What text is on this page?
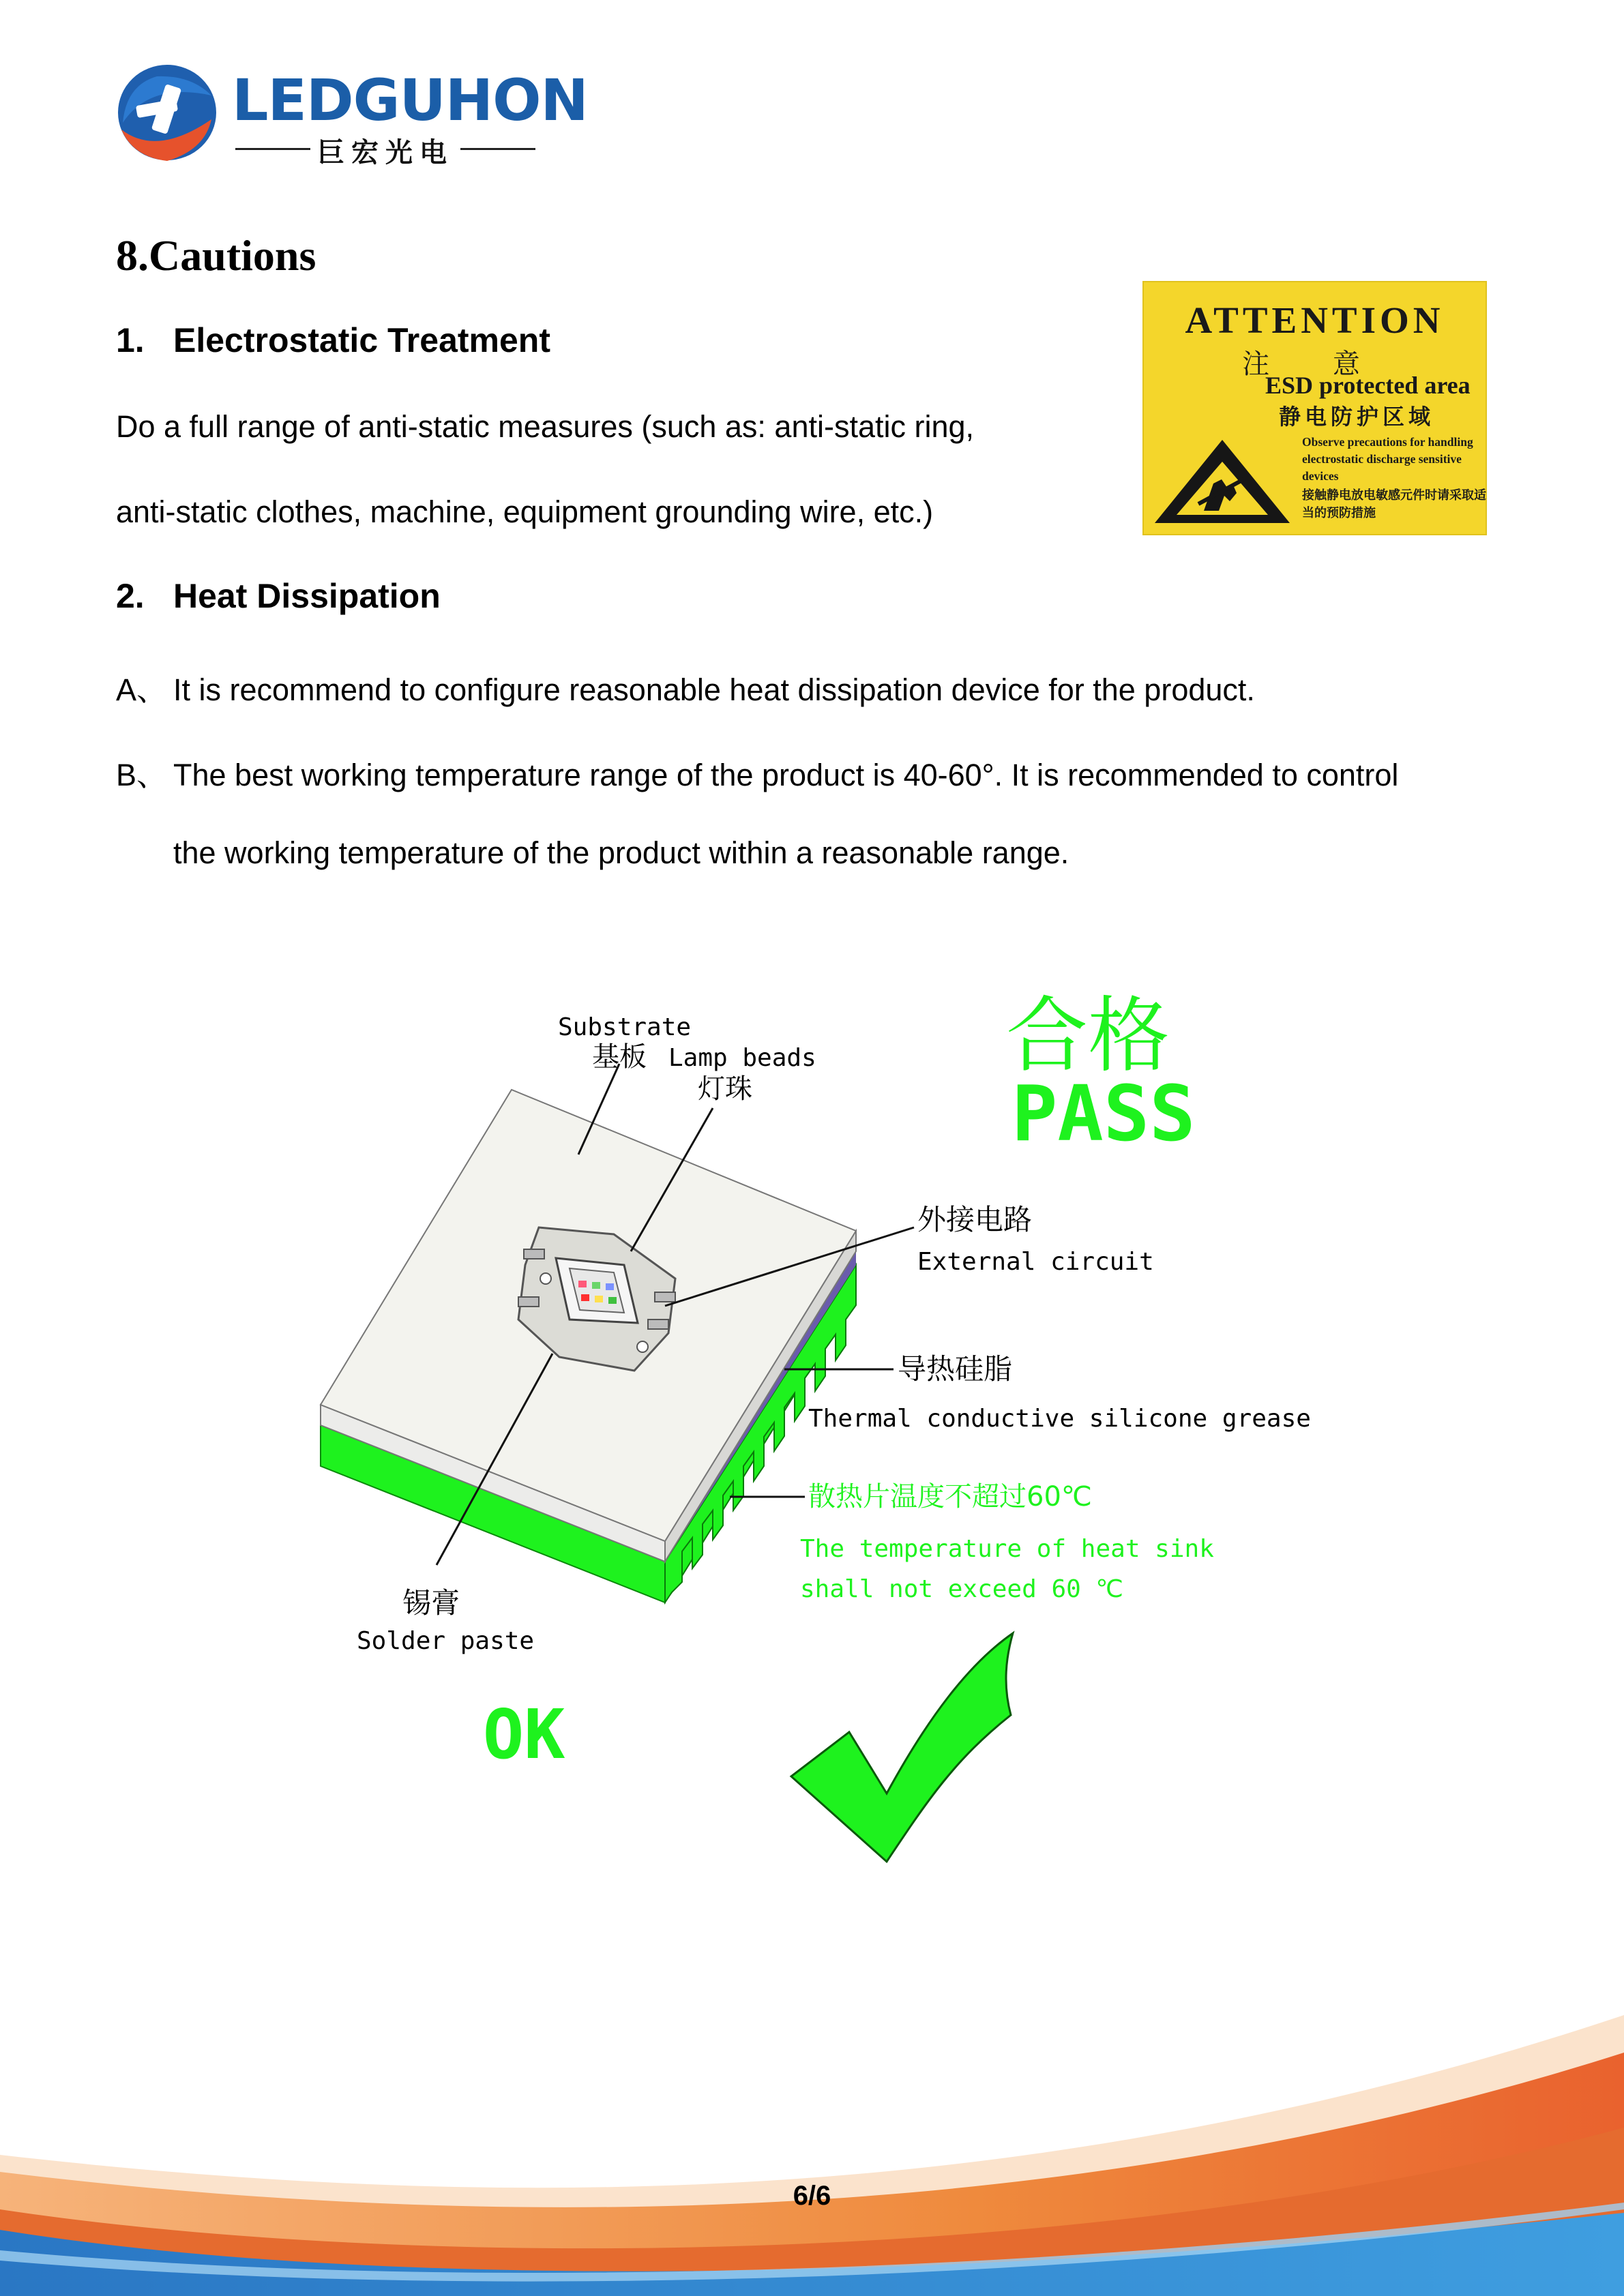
LEDGUHON
巨宏光电
8.Cautions
1. Electrostatic Treatment

Do a full range of anti-static measures (such as: anti-static ring,

anti-static clothes, machine, equipment grounding wire, etc.)

ATTENTION
注 意
ESD protected area
静电防护区域
Observe precautions for handling electrostatic discharge sensitive devices
接触静电放电敏感元件时请采取适当的预防措施
2. Heat Dissipation

A、 It is recommend to configure reasonable heat dissipation device for the product.

B、 The best working temperature range of the product is 40-60°. It is recommended to control

the working temperature of the product within a reasonable range.

Substrate
基板 Lamp beads
灯珠
合格
PASS
外接电路
External circuit
导热硅脂
Thermal conductive silicone grease
散热片温度不超过60℃
The temperature of heat sink
shall not exceed 60 ℃
锡膏
Solder paste
OK
6/6
